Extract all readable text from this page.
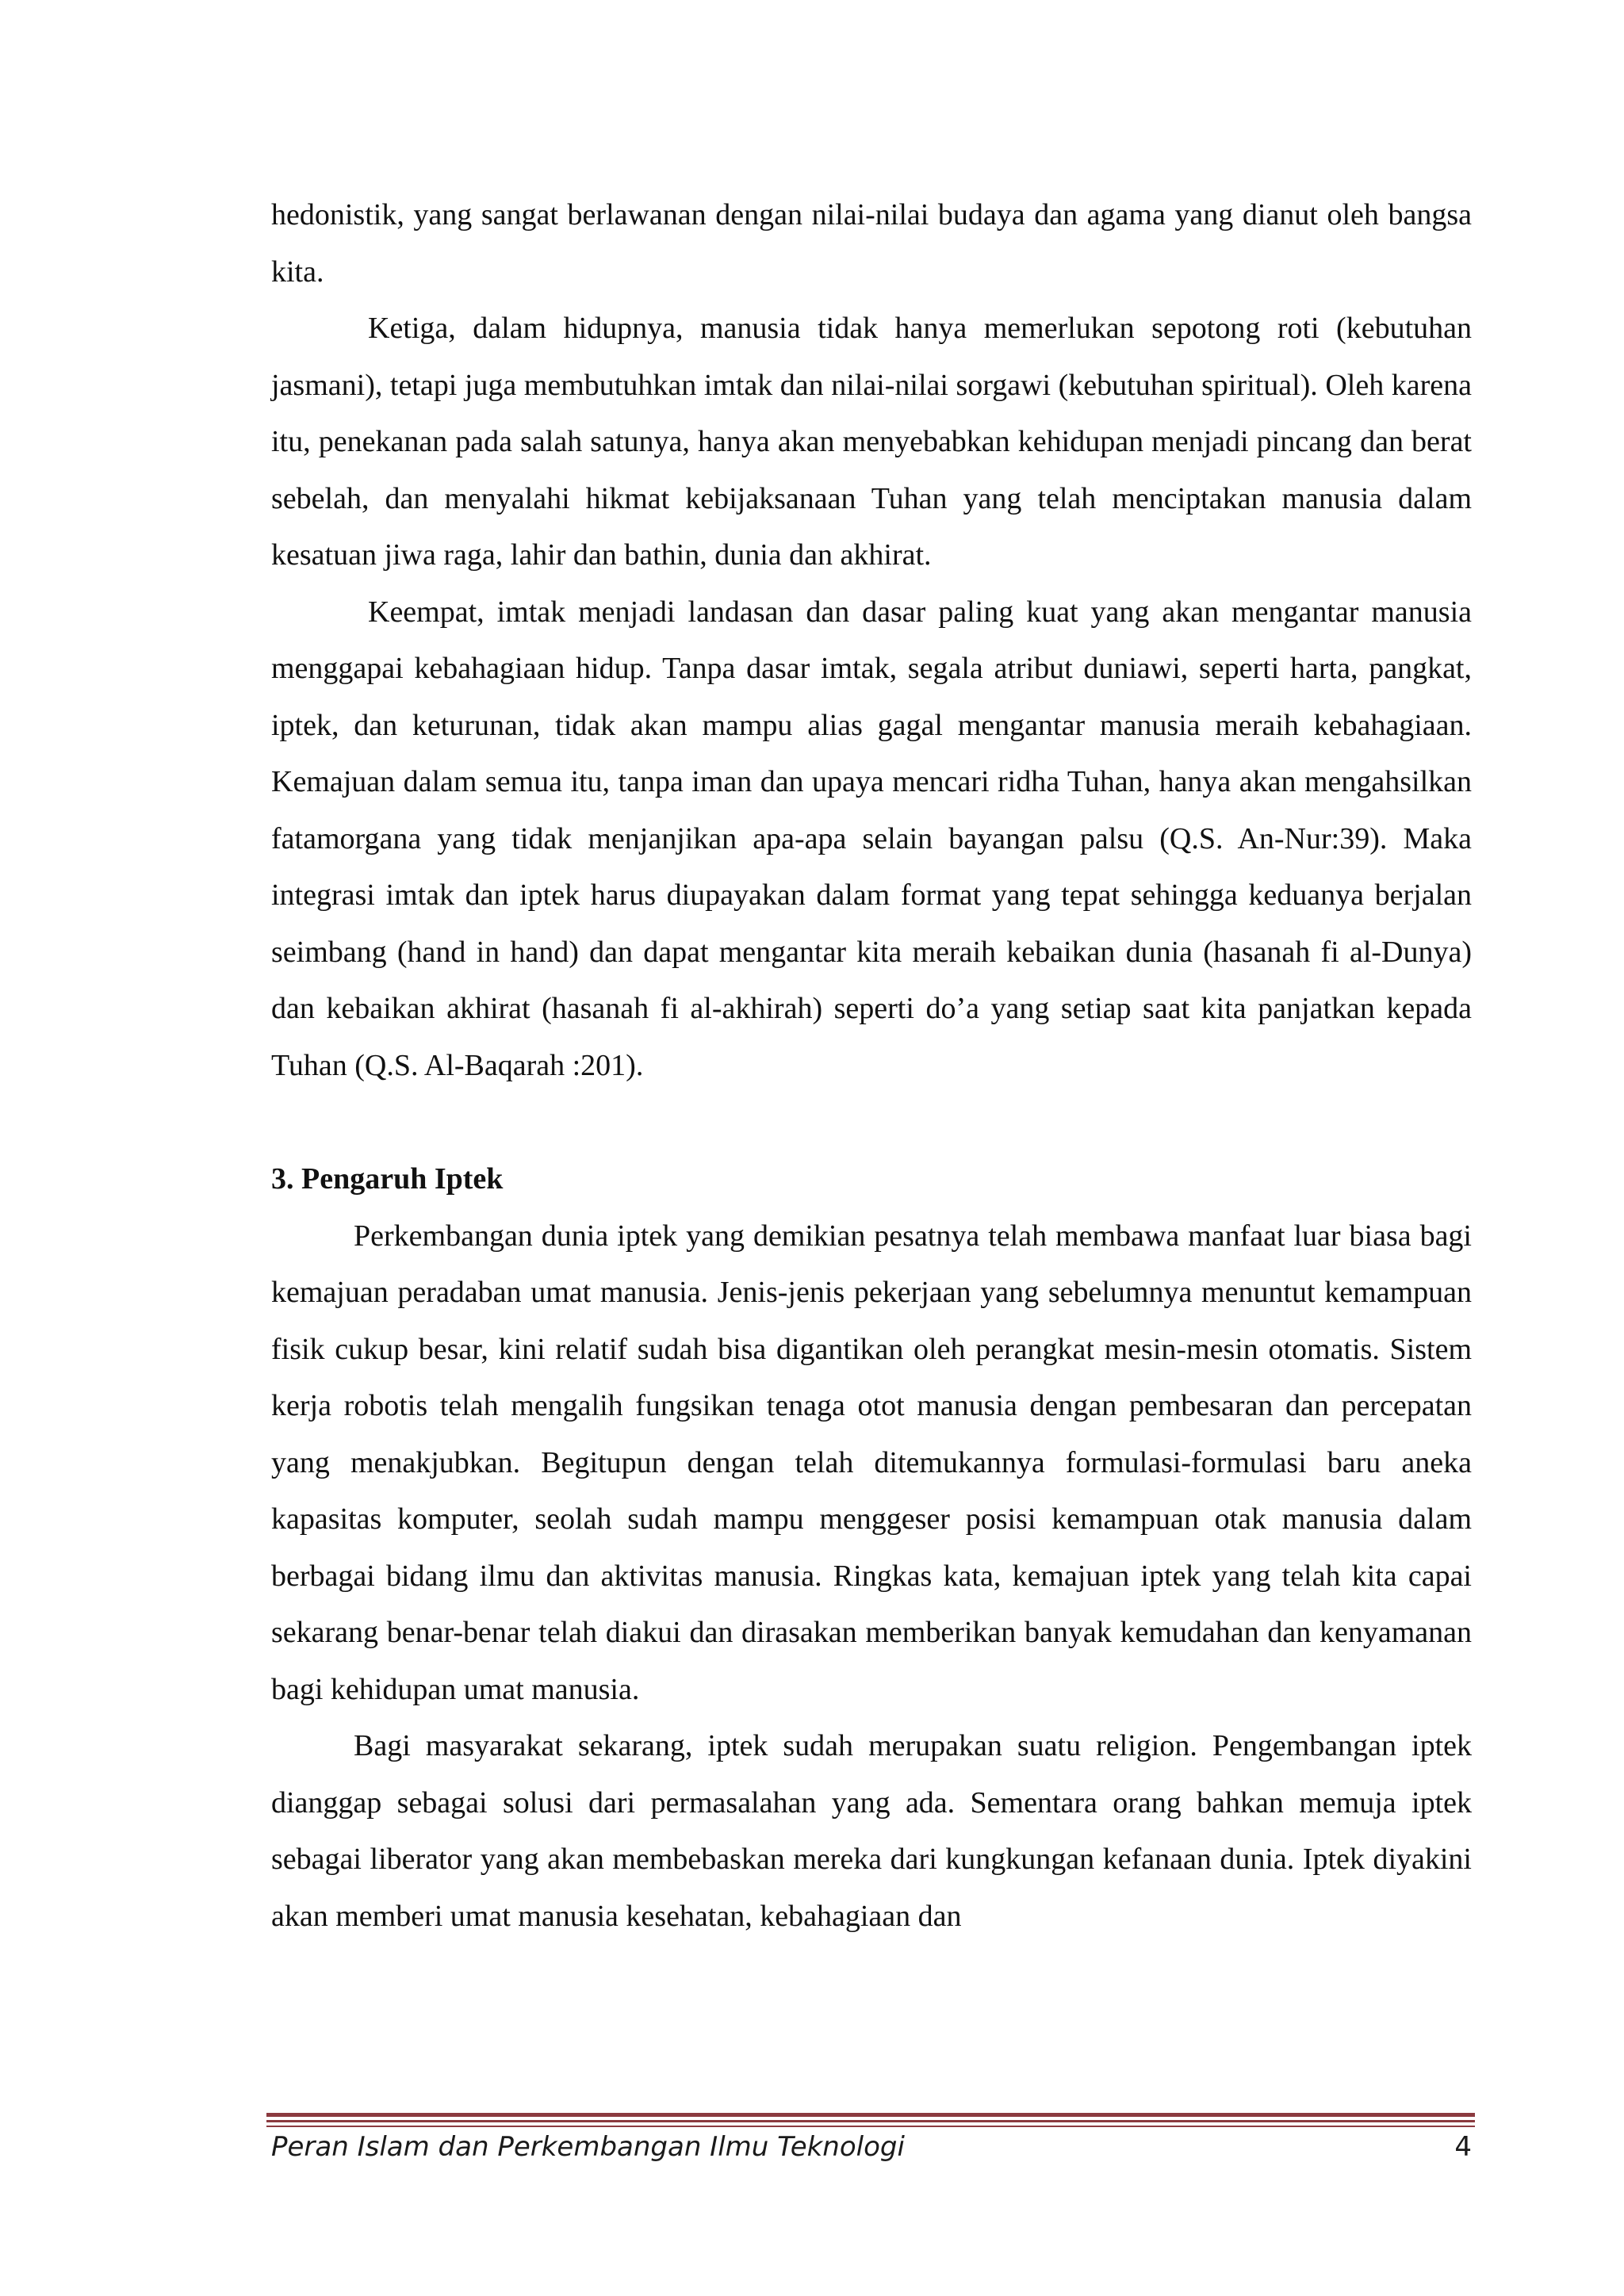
hedonistik, yang sangat berlawanan dengan nilai-nilai budaya dan agama yang dianut oleh bangsa kita.

Ketiga, dalam hidupnya, manusia tidak hanya memerlukan sepotong roti (kebutuhan jasmani), tetapi juga membutuhkan imtak dan nilai-nilai sorgawi (kebutuhan spiritual). Oleh karena itu, penekanan pada salah satunya, hanya akan menyebabkan kehidupan menjadi pincang dan berat sebelah, dan menyalahi hikmat kebijaksanaan Tuhan yang telah menciptakan manusia dalam kesatuan jiwa raga, lahir dan bathin, dunia dan akhirat.

Keempat, imtak menjadi landasan dan dasar paling kuat yang akan mengantar manusia menggapai kebahagiaan hidup. Tanpa dasar imtak, segala atribut duniawi, seperti harta, pangkat, iptek, dan keturunan, tidak akan mampu alias gagal mengantar manusia meraih kebahagiaan. Kemajuan dalam semua itu, tanpa iman dan upaya mencari ridha Tuhan, hanya akan mengahsilkan fatamorgana yang tidak menjanjikan apa-apa selain bayangan palsu (Q.S. An-Nur:39). Maka integrasi imtak dan iptek harus diupayakan dalam format yang tepat sehingga keduanya berjalan seimbang (hand in hand) dan dapat mengantar kita meraih kebaikan dunia (hasanah fi al-Dunya) dan kebaikan akhirat (hasanah fi al-akhirah) seperti do’a yang setiap saat kita panjatkan kepada Tuhan (Q.S. Al-Baqarah :201).

3. Pengaruh Iptek

Perkembangan dunia iptek yang demikian pesatnya telah membawa manfaat luar biasa bagi kemajuan peradaban umat manusia. Jenis-jenis pekerjaan yang sebelumnya menuntut kemampuan fisik cukup besar, kini relatif sudah bisa digantikan oleh perangkat mesin-mesin otomatis. Sistem kerja robotis telah mengalih fungsikan tenaga otot manusia dengan pembesaran dan percepatan yang menakjubkan. Begitupun dengan telah ditemukannya formulasi-formulasi baru aneka kapasitas komputer, seolah sudah mampu menggeser posisi kemampuan otak manusia dalam berbagai bidang ilmu dan aktivitas manusia. Ringkas kata, kemajuan iptek yang telah kita capai sekarang benar-benar telah diakui dan dirasakan memberikan banyak kemudahan dan kenyamanan bagi kehidupan umat manusia.

Bagi masyarakat sekarang, iptek sudah merupakan suatu religion. Pengembangan iptek dianggap sebagai solusi dari permasalahan yang ada. Sementara orang bahkan memuja iptek sebagai liberator yang akan membebaskan mereka dari kungkungan kefanaan dunia. Iptek diyakini akan memberi umat manusia kesehatan, kebahagiaan dan

Peran Islam dan Perkembangan Ilmu Teknologi	4
